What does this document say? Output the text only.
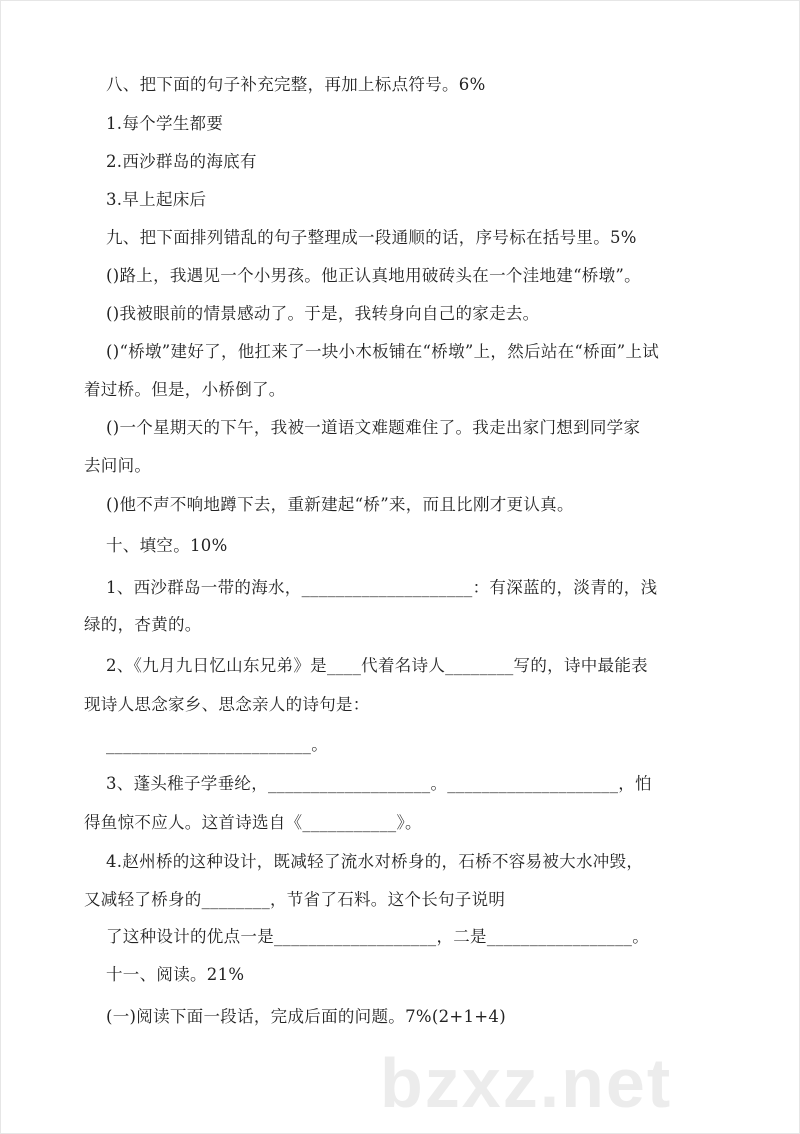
八、把下面的句子补充完整，再加上标点符号。6%
1.每个学生都要
2.西沙群岛的海底有
3.早上起床后
九、把下面排列错乱的句子整理成一段通顺的话，序号标在括号里。5%
()路上，我遇见一个小男孩。他正认真地用破砖头在一个洼地建“桥墩”。
()我被眼前的情景感动了。于是，我转身向自己的家走去。
()“桥墩”建好了，他扛来了一块小木板铺在“桥墩”上，然后站在“桥面”上试
着过桥。但是，小桥倒了。
()一个星期天的下午，我被一道语文难题难住了。我走出家门想到同学家
去问问。
()他不声不响地蹲下去，重新建起“桥”来，而且比刚才更认真。
十、填空。10%
1、西沙群岛一带的海水，____________________：有深蓝的，淡青的，浅
绿的，杏黄的。
2、《九月九日忆山东兄弟》是____代着名诗人________写的，诗中最能表
现诗人思念家乡、思念亲人的诗句是：
________________________。
3、蓬头稚子学垂纶，___________________。____________________，怕
得鱼惊不应人。这首诗选自《___________》。
4.赵州桥的这种设计，既减轻了流水对桥身的，石桥不容易被大水冲毁，
又减轻了桥身的________，节省了石料。这个长句子说明
了这种设计的优点一是___________________，二是_________________。
十一、阅读。21%
(一)阅读下面一段话，完成后面的问题。7%(2+1+4)
bzxz.net
